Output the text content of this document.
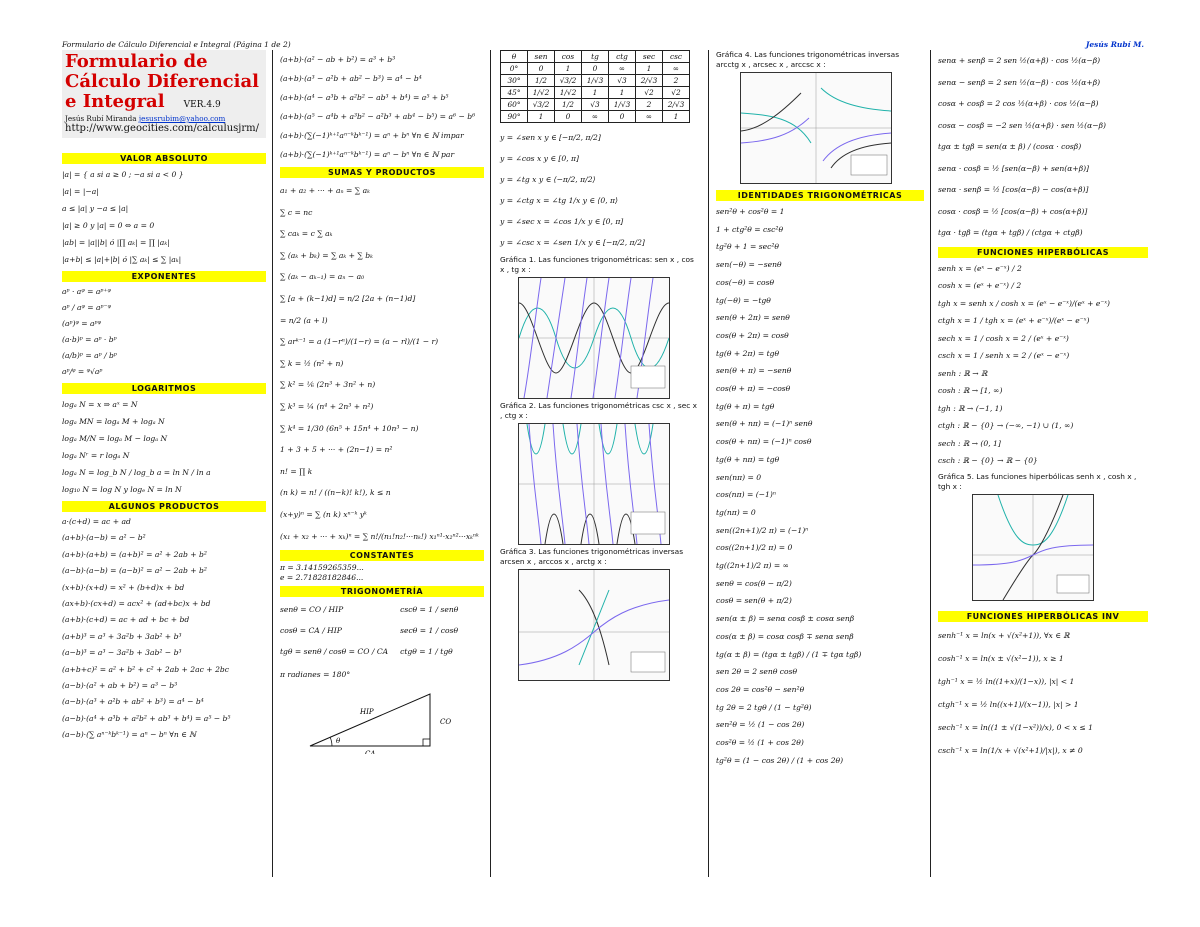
Formulario de Cálculo Diferencial e Integral (Página 1 de 2)	Jesús Rubí M.

Formulario de

Cálculo Diferencial

e Integral VER.4.9
Jesús Rubí Miranda jesusrubim@yahoo.com
http://www.geocities.com/calculusjrm/
VALOR ABSOLUTO

|a| = { a si a ≥ 0 ; −a si a < 0 }

|a| = |−a|

a ≤ |a| y −a ≤ |a|

|a| ≥ 0 y |a| = 0 ⇔ a = 0

|ab| = |a||b| ó |∏ aₖ| = ∏ |aₖ|

|a+b| ≤ |a|+|b| ó |∑ aₖ| ≤ ∑ |aₖ|

EXPONENTES

aᵖ · aᵠ = aᵖ⁺ᵠ

aᵖ / aᵠ = aᵖ⁻ᵠ

(aᵖ)ᵠ = aᵖᵠ

(a·b)ᵖ = aᵖ · bᵖ

(a/b)ᵖ = aᵖ / bᵖ

aᵖ/ᵠ = ᵠ√aᵖ

LOGARITMOS

logₐ N = x ⇒ aˣ = N

logₐ MN = logₐ M + logₐ N

logₐ M/N = logₐ M − logₐ N

logₐ Nʳ = r logₐ N

logₐ N = log_b N / log_b a = ln N / ln a

log₁₀ N = log N y logₑ N = ln N

ALGUNOS PRODUCTOS

a·(c+d) = ac + ad

(a+b)·(a−b) = a² − b²

(a+b)·(a+b) = (a+b)² = a² + 2ab + b²

(a−b)·(a−b) = (a−b)² = a² − 2ab + b²

(x+b)·(x+d) = x² + (b+d)x + bd

(ax+b)·(cx+d) = acx² + (ad+bc)x + bd

(a+b)·(c+d) = ac + ad + bc + bd

(a+b)³ = a³ + 3a²b + 3ab² + b³

(a−b)³ = a³ − 3a²b + 3ab² − b³

(a+b+c)² = a² + b² + c² + 2ab + 2ac + 2bc

(a−b)·(a² + ab + b²) = a³ − b³

(a−b)·(a³ + a²b + ab² + b³) = a⁴ − b⁴

(a−b)·(a⁴ + a³b + a²b² + ab³ + b⁴) = a⁵ − b⁵

(a−b)·(∑ aⁿ⁻ᵏbᵏ⁻¹) = aⁿ − bⁿ ∀n ∈ ℕ

(a+b)·(a² − ab + b²) = a³ + b³

(a+b)·(a³ − a²b + ab² − b³) = a⁴ − b⁴

(a+b)·(a⁴ − a³b + a²b² − ab³ + b⁴) = a⁵ + b⁵

(a+b)·(a⁵ − a⁴b + a³b² − a²b³ + ab⁴ − b⁵) = a⁶ − b⁶

(a+b)·(∑(−1)ᵏ⁺¹aⁿ⁻ᵏbᵏ⁻¹) = aⁿ + bⁿ ∀n ∈ ℕ impar

(a+b)·(∑(−1)ᵏ⁺¹aⁿ⁻ᵏbᵏ⁻¹) = aⁿ − bⁿ ∀n ∈ ℕ par

SUMAS Y PRODUCTOS

a₁ + a₂ + ··· + aₙ = ∑ aₖ

∑ c = nc

∑ caₖ = c ∑ aₖ

∑ (aₖ + bₖ) = ∑ aₖ + ∑ bₖ

∑ (aₖ − aₖ₋₁) = aₙ − a₀

∑ [a + (k−1)d] = n/2 [2a + (n−1)d]

= n/2 (a + l)

∑ arᵏ⁻¹ = a (1−rⁿ)/(1−r) = (a − rl)/(1 − r)

∑ k = ½ (n² + n)

∑ k² = ⅙ (2n³ + 3n² + n)

∑ k³ = ¼ (n⁴ + 2n³ + n²)

∑ k⁴ = 1/30 (6n⁵ + 15n⁴ + 10n³ − n)

1 + 3 + 5 + ··· + (2n−1) = n²

n! = ∏ k

(n k) = n! / ((n−k)! k!), k ≤ n

(x+y)ⁿ = ∑ (n k) xⁿ⁻ᵏ yᵏ

(x₁ + x₂ + ··· + xₖ)ⁿ = ∑ n!/(n₁!n₂!···nₖ!) x₁ⁿ¹·x₂ⁿ²···xₖⁿᵏ

CONSTANTES

π = 3.14159265359...

e = 2.71828182846...

TRIGONOMETRÍA

senθ = CO / HIP

cosθ = CA / HIP

tgθ = senθ / cosθ = CO / CA

cscθ = 1 / senθ

secθ = 1 / cosθ

ctgθ = 1 / tgθ

π radianes = 180°

HIP
CO
CA
θ
θ	sen	cos	tg	ctg	sec	csc
0°	0	1	0	∞	1	∞
30°	1/2	√3/2	1/√3	√3	2/√3	2
45°	1/√2	1/√2	1	1	√2	√2
60°	√3/2	1/2	√3	1/√3	2	2/√3
90°	1	0	∞	0	∞	1

y = ∠sen x y ∈ [−π/2, π/2]

y = ∠cos x y ∈ [0, π]

y = ∠tg x y ∈ ⟨−π/2, π/2⟩

y = ∠ctg x = ∠tg 1/x y ∈ ⟨0, π⟩

y = ∠sec x = ∠cos 1/x y ∈ [0, π]

y = ∠csc x = ∠sen 1/x y ∈ [−π/2, π/2]

Gráfica 1. Las funciones trigonométricas: sen x , cos x , tg x :

Gráfica 2. Las funciones trigonométricas csc x , sec x , ctg x :

Gráfica 3. Las funciones trigonométricas inversas arcsen x , arccos x , arctg x :

Gráfica 4. Las funciones trigonométricas inversas arcctg x , arcsec x , arccsc x :

IDENTIDADES TRIGONOMÉTRICAS

sen²θ + cos²θ = 1

1 + ctg²θ = csc²θ

tg²θ + 1 = sec²θ

sen(−θ) = −senθ

cos(−θ) = cosθ

tg(−θ) = −tgθ

sen(θ + 2π) = senθ

cos(θ + 2π) = cosθ

tg(θ + 2π) = tgθ

sen(θ + π) = −senθ

cos(θ + π) = −cosθ

tg(θ + π) = tgθ

sen(θ + nπ) = (−1)ⁿ senθ

cos(θ + nπ) = (−1)ⁿ cosθ

tg(θ + nπ) = tgθ

sen(nπ) = 0

cos(nπ) = (−1)ⁿ

tg(nπ) = 0

sen((2n+1)/2 π) = (−1)ⁿ

cos((2n+1)/2 π) = 0

tg((2n+1)/2 π) = ∞

senθ = cos(θ − π/2)

cosθ = sen(θ + π/2)

sen(α ± β) = senα cosβ ± cosα senβ

cos(α ± β) = cosα cosβ ∓ senα senβ

tg(α ± β) = (tgα ± tgβ) / (1 ∓ tgα tgβ)

sen 2θ = 2 senθ cosθ

cos 2θ = cos²θ − sen²θ

tg 2θ = 2 tgθ / (1 − tg²θ)

sen²θ = ½ (1 − cos 2θ)

cos²θ = ½ (1 + cos 2θ)

tg²θ = (1 − cos 2θ) / (1 + cos 2θ)

senα + senβ = 2 sen ½(α+β) · cos ½(α−β)

senα − senβ = 2 sen ½(α−β) · cos ½(α+β)

cosα + cosβ = 2 cos ½(α+β) · cos ½(α−β)

cosα − cosβ = −2 sen ½(α+β) · sen ½(α−β)

tgα ± tgβ = sen(α ± β) / (cosα · cosβ)

senα · cosβ = ½ [sen(α−β) + sen(α+β)]

senα · senβ = ½ [cos(α−β) − cos(α+β)]

cosα · cosβ = ½ [cos(α−β) + cos(α+β)]

tgα · tgβ = (tgα + tgβ) / (ctgα + ctgβ)

FUNCIONES HIPERBÓLICAS

senh x = (eˣ − e⁻ˣ) / 2

cosh x = (eˣ + e⁻ˣ) / 2

tgh x = senh x / cosh x = (eˣ − e⁻ˣ)/(eˣ + e⁻ˣ)

ctgh x = 1 / tgh x = (eˣ + e⁻ˣ)/(eˣ − e⁻ˣ)

sech x = 1 / cosh x = 2 / (eˣ + e⁻ˣ)

csch x = 1 / senh x = 2 / (eˣ − e⁻ˣ)

senh : ℝ → ℝ

cosh : ℝ → [1, ∞)

tgh : ℝ → (−1, 1)

ctgh : ℝ − {0} → (−∞, −1) ∪ (1, ∞)

sech : ℝ → (0, 1]

csch : ℝ − {0} → ℝ − {0}

Gráfica 5. Las funciones hiperbólicas senh x , cosh x , tgh x :

FUNCIONES HIPERBÓLICAS INV

senh⁻¹ x = ln(x + √(x²+1)), ∀x ∈ ℝ

cosh⁻¹ x = ln(x ± √(x²−1)), x ≥ 1

tgh⁻¹ x = ½ ln((1+x)/(1−x)), |x| < 1

ctgh⁻¹ x = ½ ln((x+1)/(x−1)), |x| > 1

sech⁻¹ x = ln((1 ± √(1−x²))/x), 0 < x ≤ 1

csch⁻¹ x = ln(1/x + √(x²+1)/|x|), x ≠ 0
